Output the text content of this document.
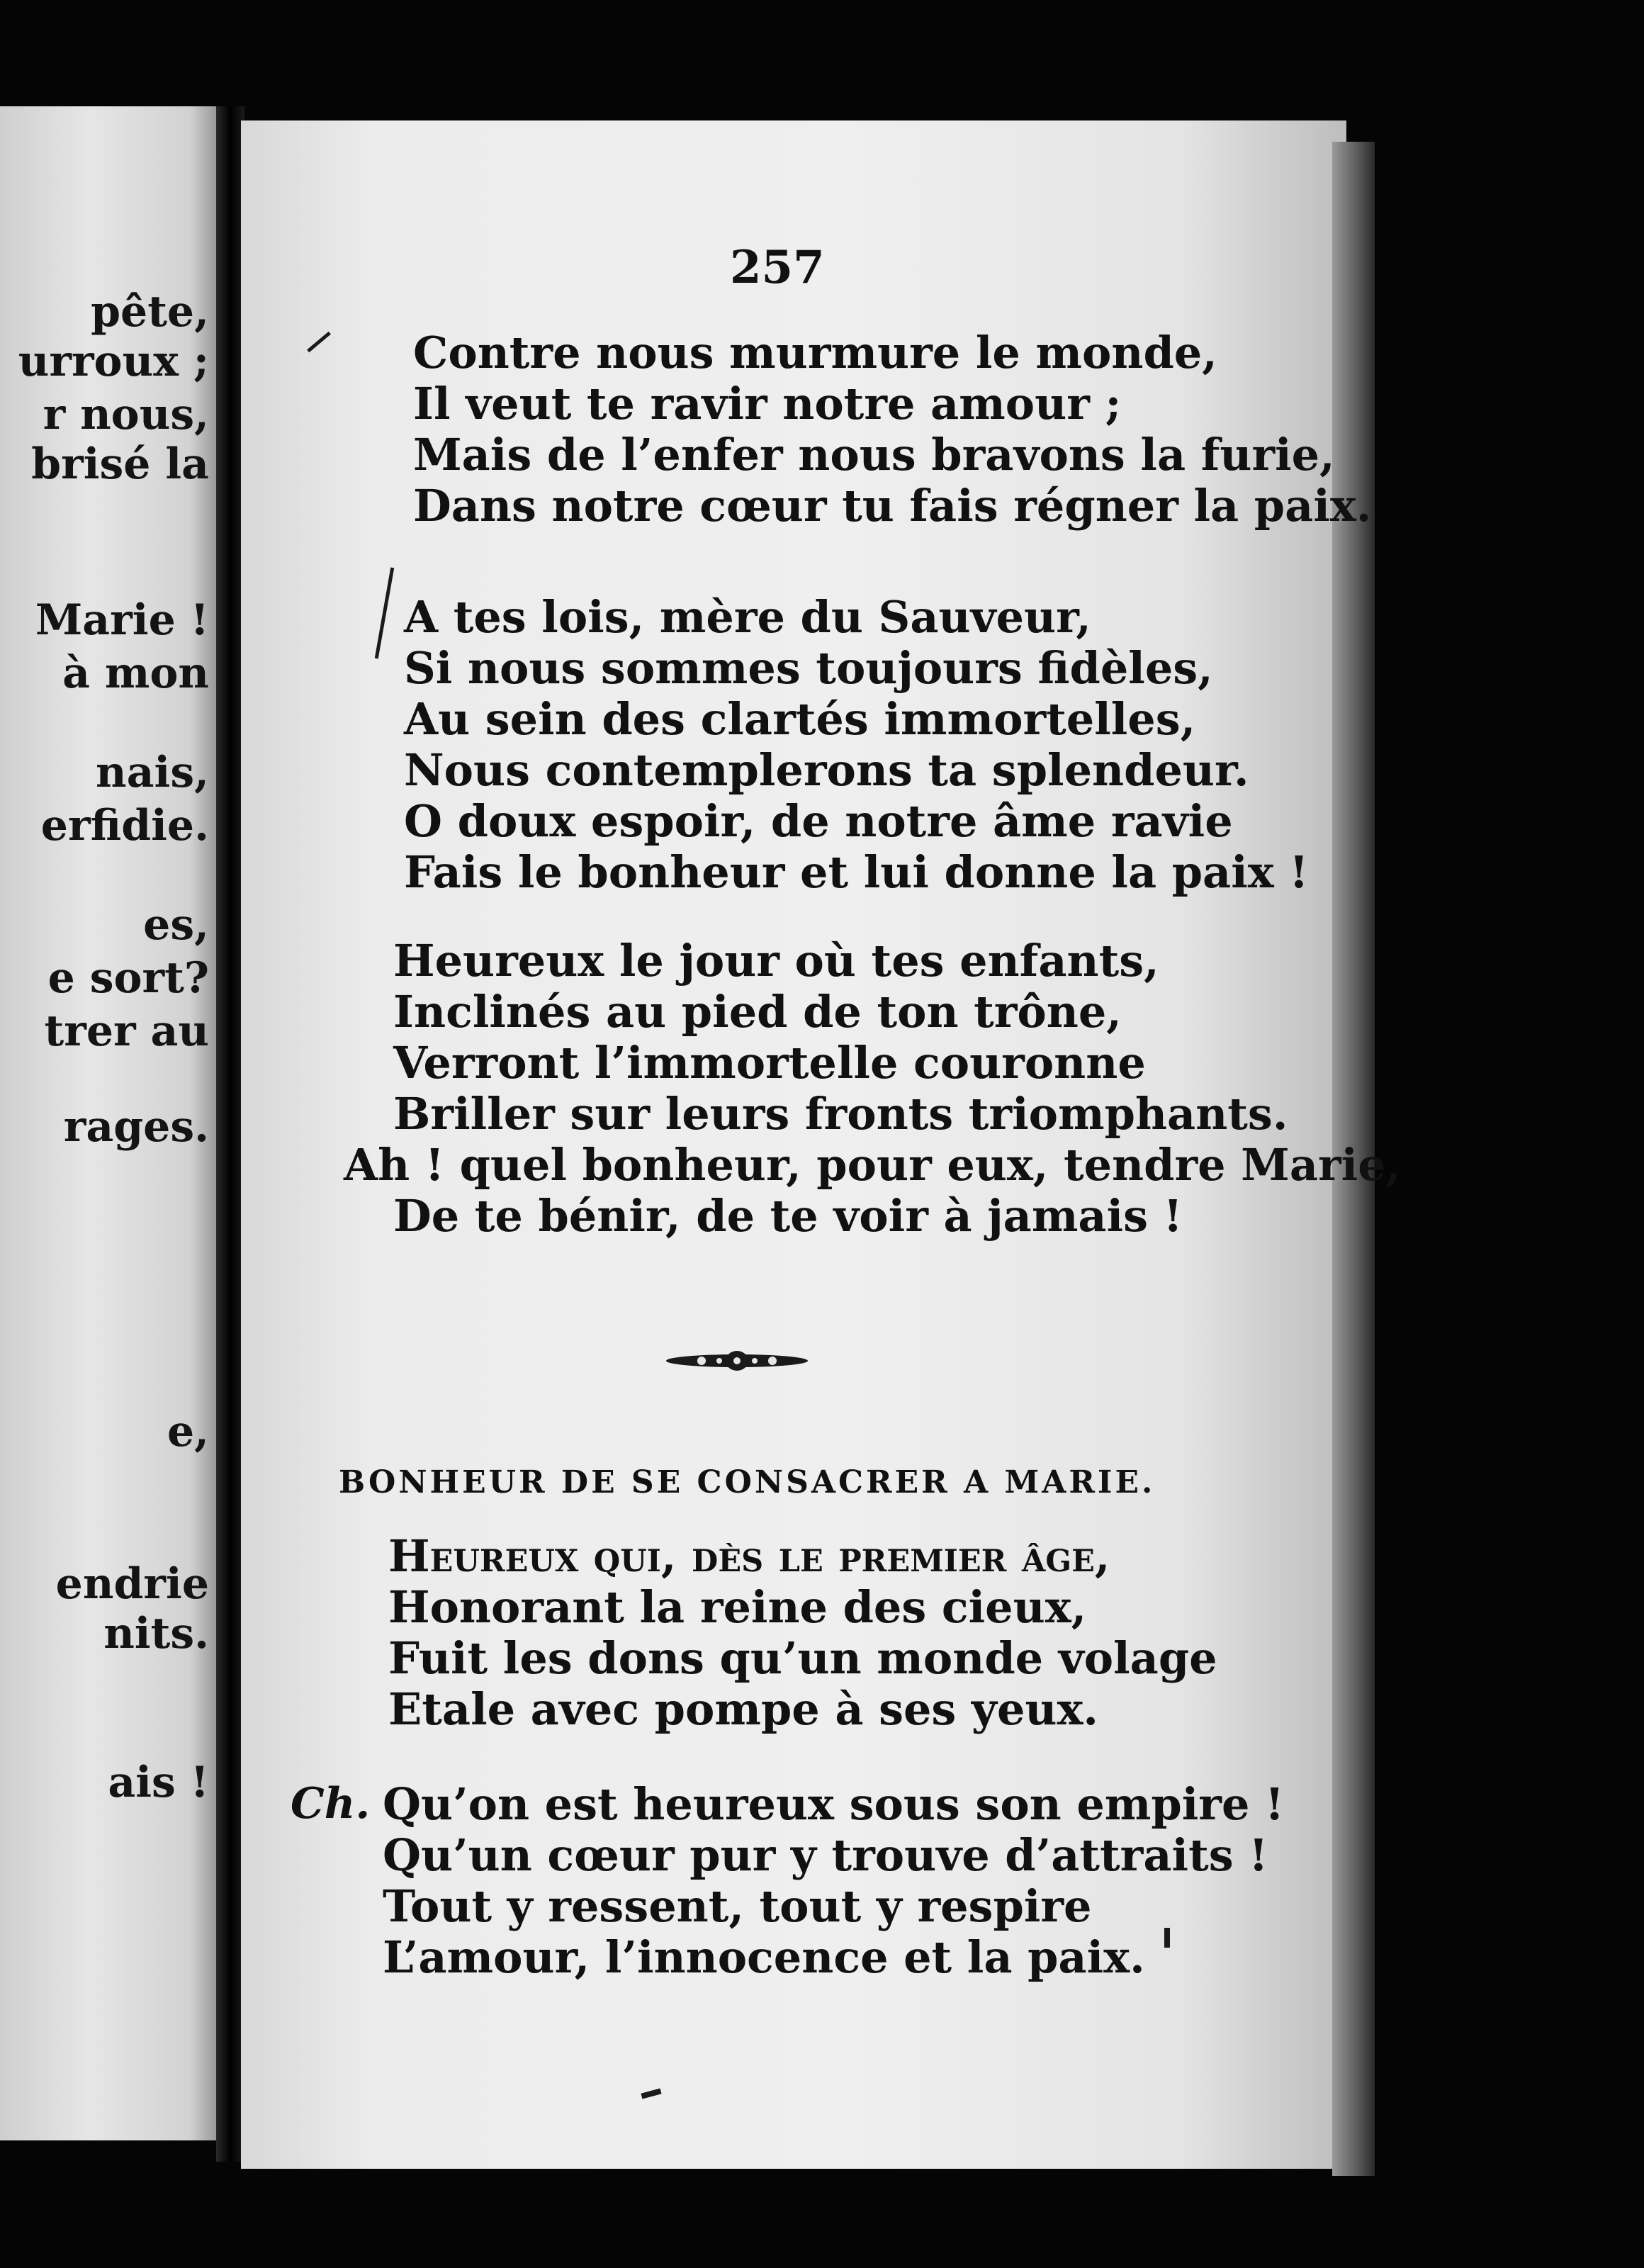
pête,
urroux ;
r nous,
brisé la
Marie !
à mon
nais,
erfidie.
es,
e sort?
trer au
rages.
e,
endrie
nits.
ais !
257
Contre nous murmure le monde,
Il veut te ravir notre amour ;
Mais de l’enfer nous bravons la furie,
Dans notre cœur tu fais régner la paix.
A tes lois, mère du Sauveur,
Si nous sommes toujours fidèles,
Au sein des clartés immortelles,
Nous contemplerons ta splendeur.
O doux espoir, de notre âme ravie
Fais le bonheur et lui donne la paix !
Heureux le jour où tes enfants,
Inclinés au pied de ton trône,
Verront l’immortelle couronne
Briller sur leurs fronts triomphants.
Ah ! quel bonheur, pour eux, tendre Marie,
De te bénir, de te voir à jamais !
BONHEUR DE SE CONSACRER A MARIE.
Heureux qui, dès le premier âge,
Honorant la reine des cieux,
Fuit les dons qu’un monde volage
Etale avec pompe à ses yeux.
Ch. Qu’on est heureux sous son empire !
Qu’un cœur pur y trouve d’attraits !
Tout y ressent, tout y respire
L’amour, l’innocence et la paix.
